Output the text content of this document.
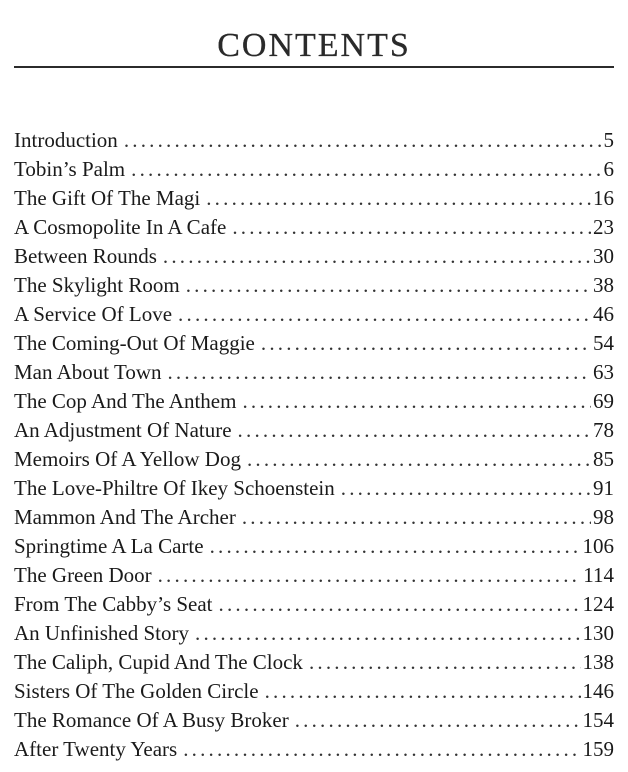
CONTENTS
Introduction .....	5
Tobin’s Palm .....	6
The Gift Of The Magi .....	16
A Cosmopolite In A Cafe .....	23
Between Rounds .....	30
The Skylight Room .....	38
A Service Of Love .....	46
The Coming-Out Of Maggie .....	54
Man About Town .....	63
The Cop And The Anthem .....	69
An Adjustment Of Nature .....	78
Memoirs Of A Yellow Dog .....	85
The Love-Philtre Of Ikey Schoenstein .....	91
Mammon And The Archer .....	98
Springtime A La Carte .....	106
The Green Door .....	114
From The Cabby’s Seat .....	124
An Unfinished Story .....	130
The Caliph, Cupid And The Clock .....	138
Sisters Of The Golden Circle .....	146
The Romance Of A Busy Broker .....	154
After Twenty Years .....	159
